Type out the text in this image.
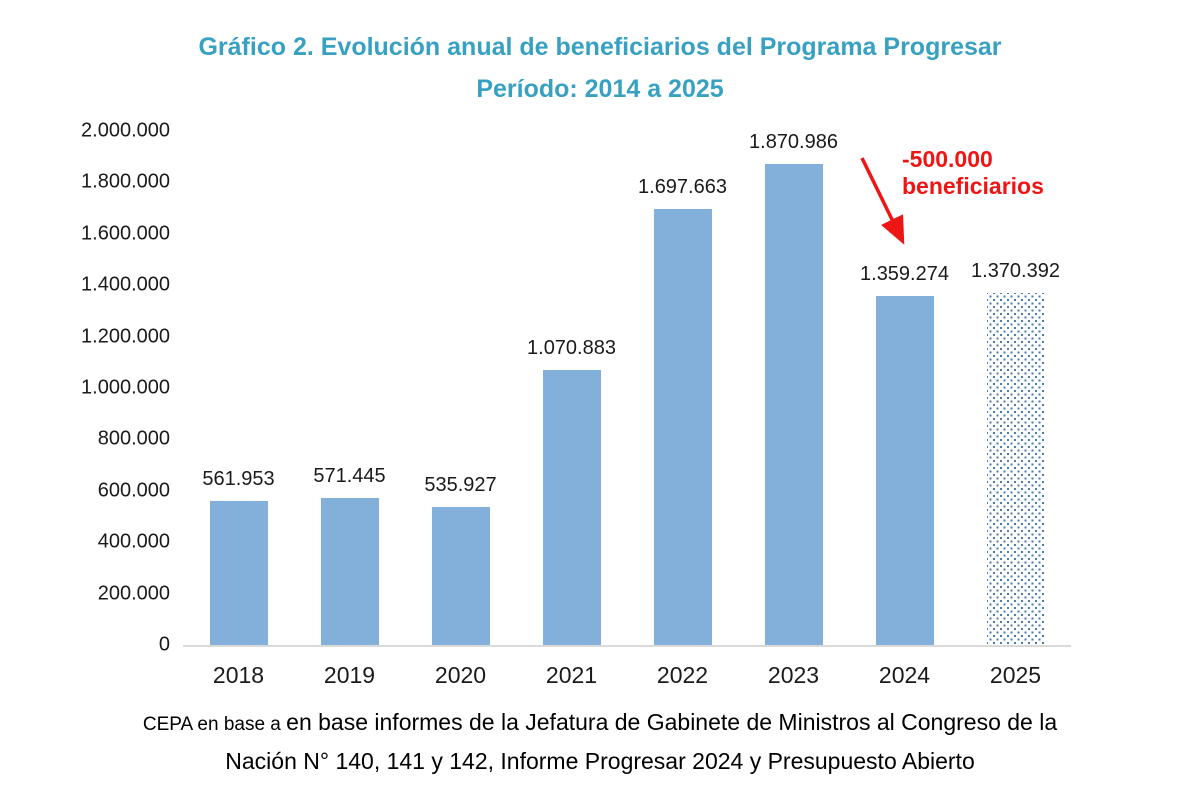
Gráfico 2. Evolución anual de beneficiarios del Programa Progresar
Período: 2014 a 2025
0
200.000
400.000
600.000
800.000
1.000.000
1.200.000
1.400.000
1.600.000
1.800.000
2.000.000
561.953
2018
571.445
2019
535.927
2020
1.070.883
2021
1.697.663
2022
1.870.986
2023
1.359.274
2024
1.370.392
2025
-500.000
beneficiarios
CEPA en base a en base informes de la Jefatura de Gabinete de Ministros al Congreso de la
Nación N° 140, 141 y 142, Informe Progresar 2024 y Presupuesto Abierto
